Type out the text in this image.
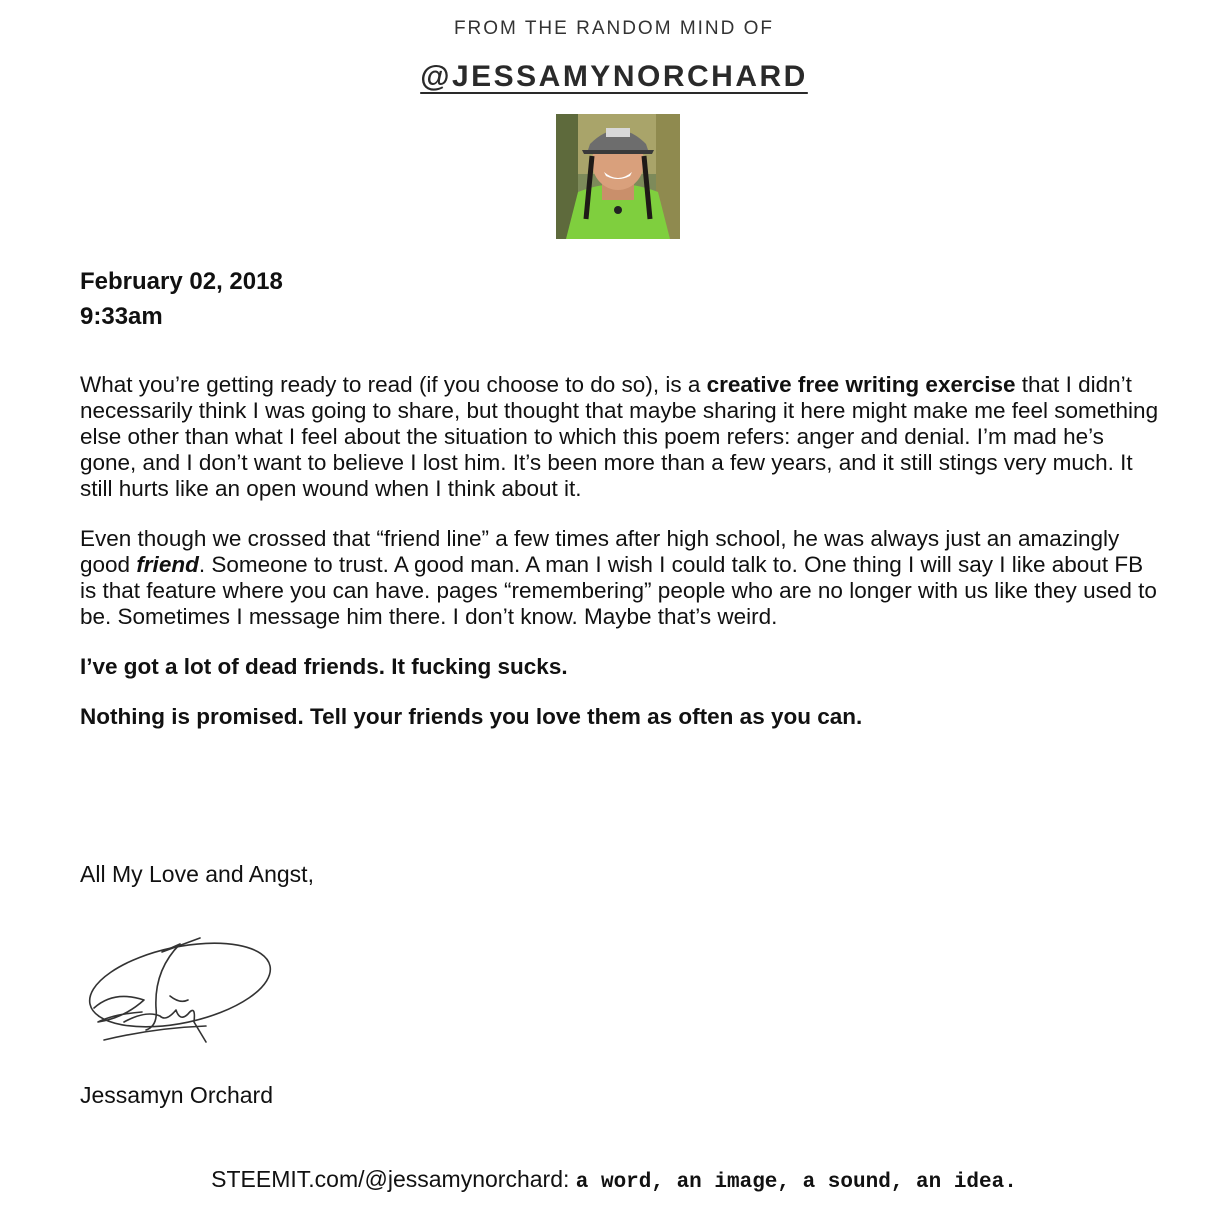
FROM THE RANDOM MIND OF
@JESSAMYNORCHARD
February 02, 2018
9:33am

What you’re getting ready to read (if you choose to do so), is a creative free writing exercise that I didn’t necessarily think I was going to share, but thought that maybe sharing it here might make me feel something else other than what I feel about the situation to which this poem refers: anger and denial. I’m mad he’s gone, and I don’t want to believe I lost him. It’s been more than a few years, and it still stings very much. It still hurts like an open wound when I think about it.

Even though we crossed that “friend line” a few times after high school, he was always just an amazingly good friend. Someone to trust. A good man. A man I wish I could talk to. One thing I will say I like about FB is that feature where you can have. pages “remembering” people who are no longer with us like they used to be. Sometimes I message him there. I don’t know. Maybe that’s weird.

I’ve got a lot of dead friends. It fucking sucks.

Nothing is promised. Tell your friends you love them as often as you can.

All My Love and Angst,
Jessamyn Orchard
STEEMIT.com/@jessamynorchard: a word, an image, a sound, an idea.
